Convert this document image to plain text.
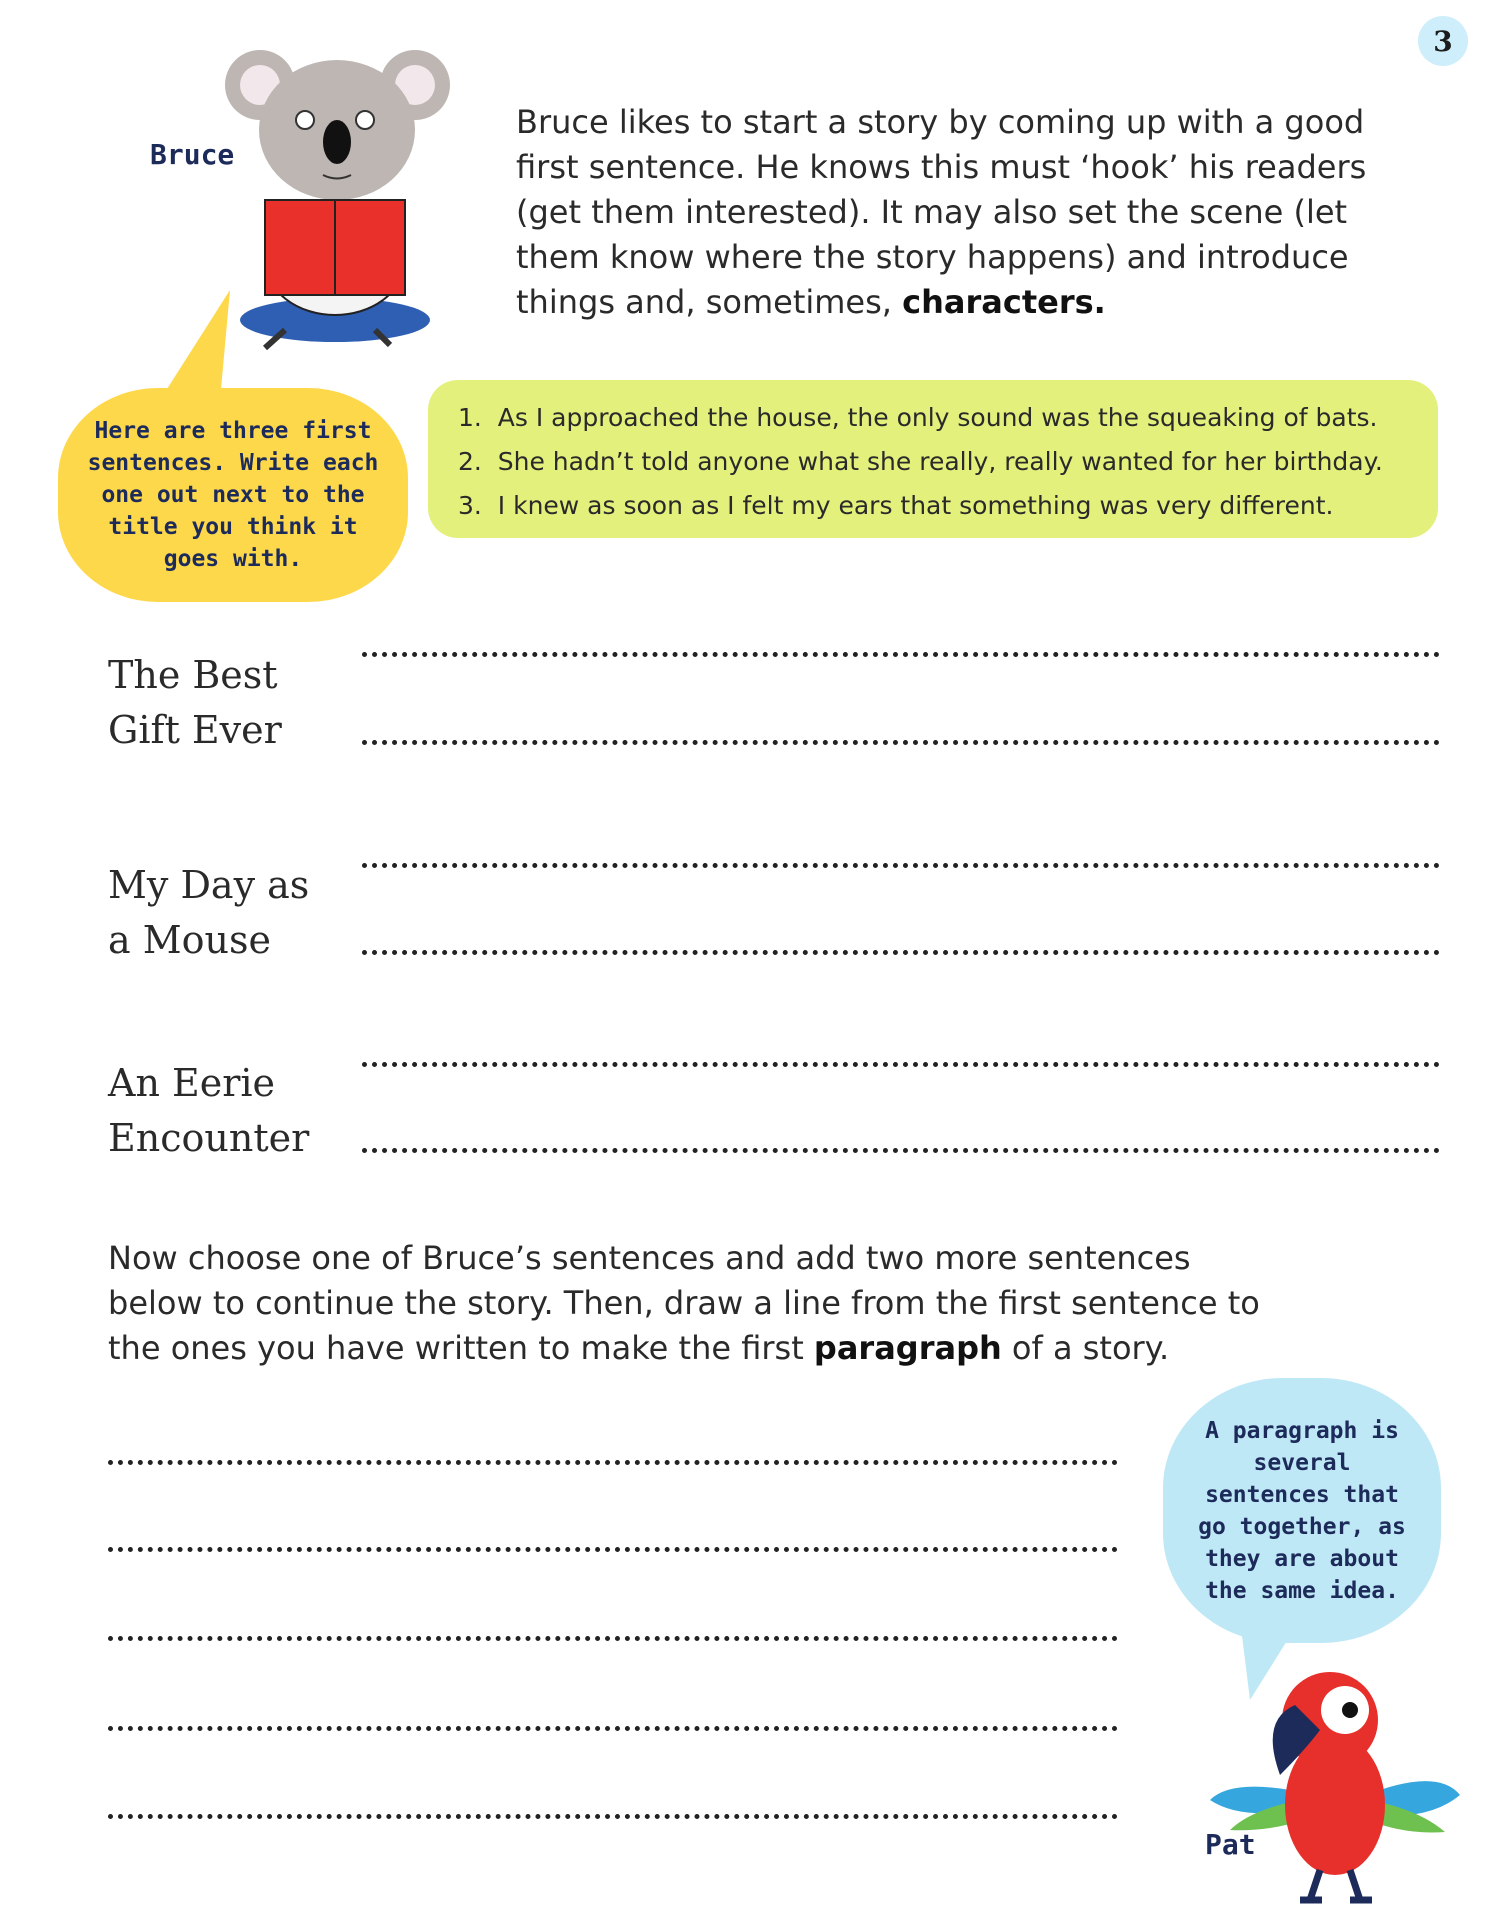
3
Bruce
Bruce likes to start a story by coming up with a good first sentence. He knows this must ‘hook’ his readers (get them interested). It may also set the scene (let them know where the story happens) and introduce things and, sometimes, characters.
Here are three first sentences. Write each one out next to the title you think it goes with.
1. As I approached the house, the only sound was the squeaking of bats.
2. She hadn’t told anyone what she really, really wanted for her birthday.
3. I knew as soon as I felt my ears that something was very different.
The Best
Gift Ever
My Day as
a Mouse
An Eerie
Encounter
Now choose one of Bruce’s sentences and add two more sentences below to continue the story. Then, draw a line from the first sentence to the ones you have written to make the first paragraph of a story.
A paragraph is several sentences that go together, as they are about the same idea.
Pat
